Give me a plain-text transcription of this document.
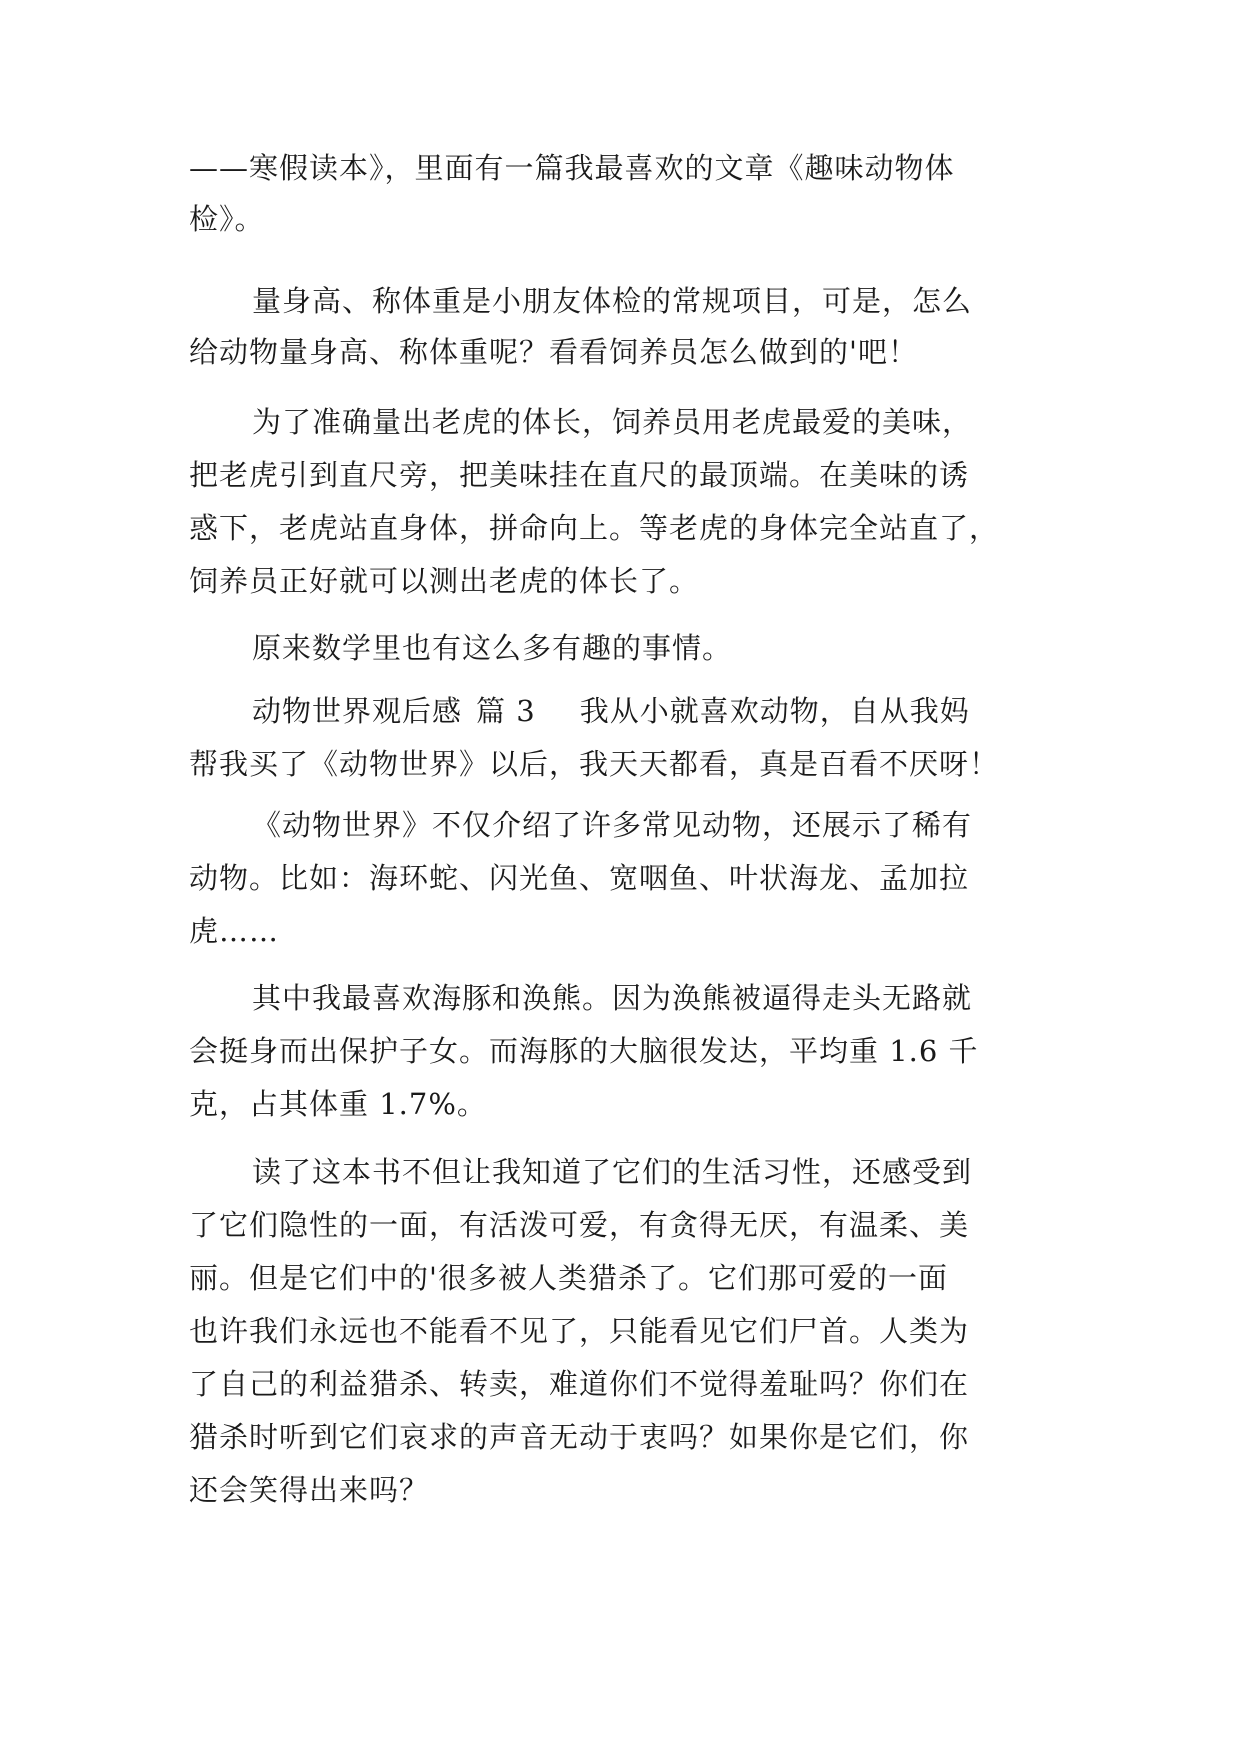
——寒假读本》，里面有一篇我最喜欢的文章《趣味动物体

检》。

量身高、称体重是小朋友体检的常规项目，可是，怎么

给动物量身高、称体重呢？看看饲养员怎么做到的'吧！

为了准确量出老虎的体长，饲养员用老虎最爱的美味，

把老虎引到直尺旁，把美味挂在直尺的最顶端。在美味的诱

惑下，老虎站直身体，拼命向上。等老虎的身体完全站直了，

饲养员正好就可以测出老虎的体长了。

原来数学里也有这么多有趣的事情。

动物世界观后感 篇 3 我从小就喜欢动物，自从我妈

帮我买了《动物世界》以后，我天天都看，真是百看不厌呀！

《动物世界》不仅介绍了许多常见动物，还展示了稀有

动物。比如：海环蛇、闪光鱼、宽咽鱼、叶状海龙、孟加拉

虎……

其中我最喜欢海豚和涣熊。因为涣熊被逼得走头无路就

会挺身而出保护子女。而海豚的大脑很发达，平均重 1.6 千

克，占其体重 1.7%。

读了这本书不但让我知道了它们的生活习性，还感受到

了它们隐性的一面，有活泼可爱，有贪得无厌，有温柔、美

丽。但是它们中的'很多被人类猎杀了。它们那可爱的一面

也许我们永远也不能看不见了，只能看见它们尸首。人类为

了自己的利益猎杀、转卖，难道你们不觉得羞耻吗？你们在

猎杀时听到它们哀求的声音无动于衷吗？如果你是它们，你

还会笑得出来吗？
